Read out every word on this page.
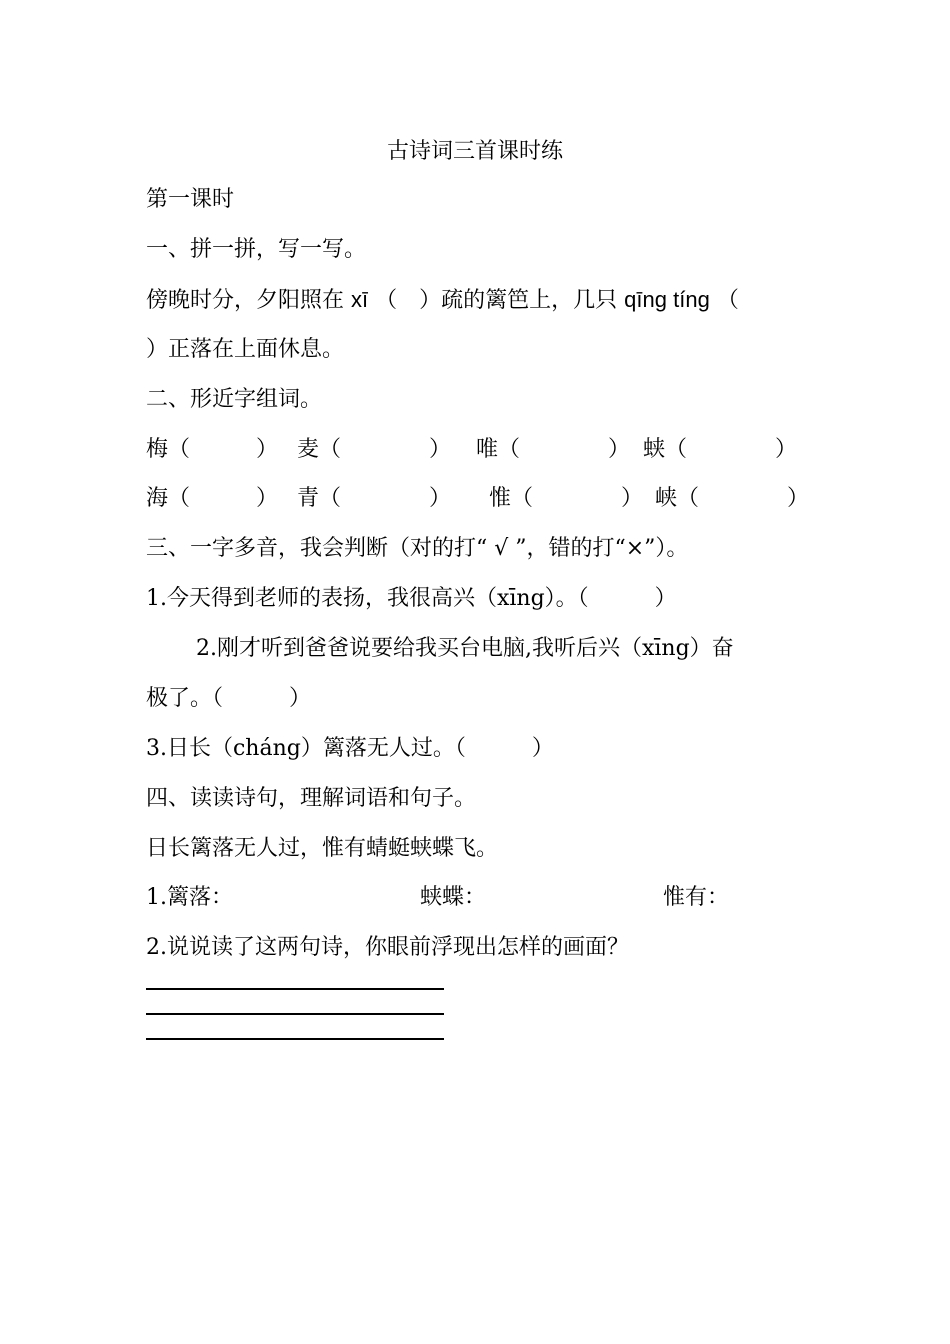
古诗词三首课时练
第一课时
一、拼一拼，写一写。
傍晚时分，夕阳照在 xī （　）疏的篱笆上，几只 qīng tíng （
）正落在上面休息。
二、形近字组词。
梅（　　　） 麦（　　　　） 唯（　　　　） 蛱（　　　　）
海（　　　） 青（　　　　） 惟（　　　　） 峡（　　　　）
三、一字多音，我会判断（对的打“ √ ”，错的打“×”）。
1.今天得到老师的表扬，我很高兴（xīng）。（　　　）
2.刚才听到爸爸说要给我买台电脑,我听后兴（xīng）奋
极了。（　　　）
3.日长（cháng）篱落无人过。（　　　）
四、读读诗句，理解词语和句子。
日长篱落无人过，惟有蜻蜓蛱蝶飞。
1.篱落：	蛱蝶：	惟有：
2.说说读了这两句诗，你眼前浮现出怎样的画面？
